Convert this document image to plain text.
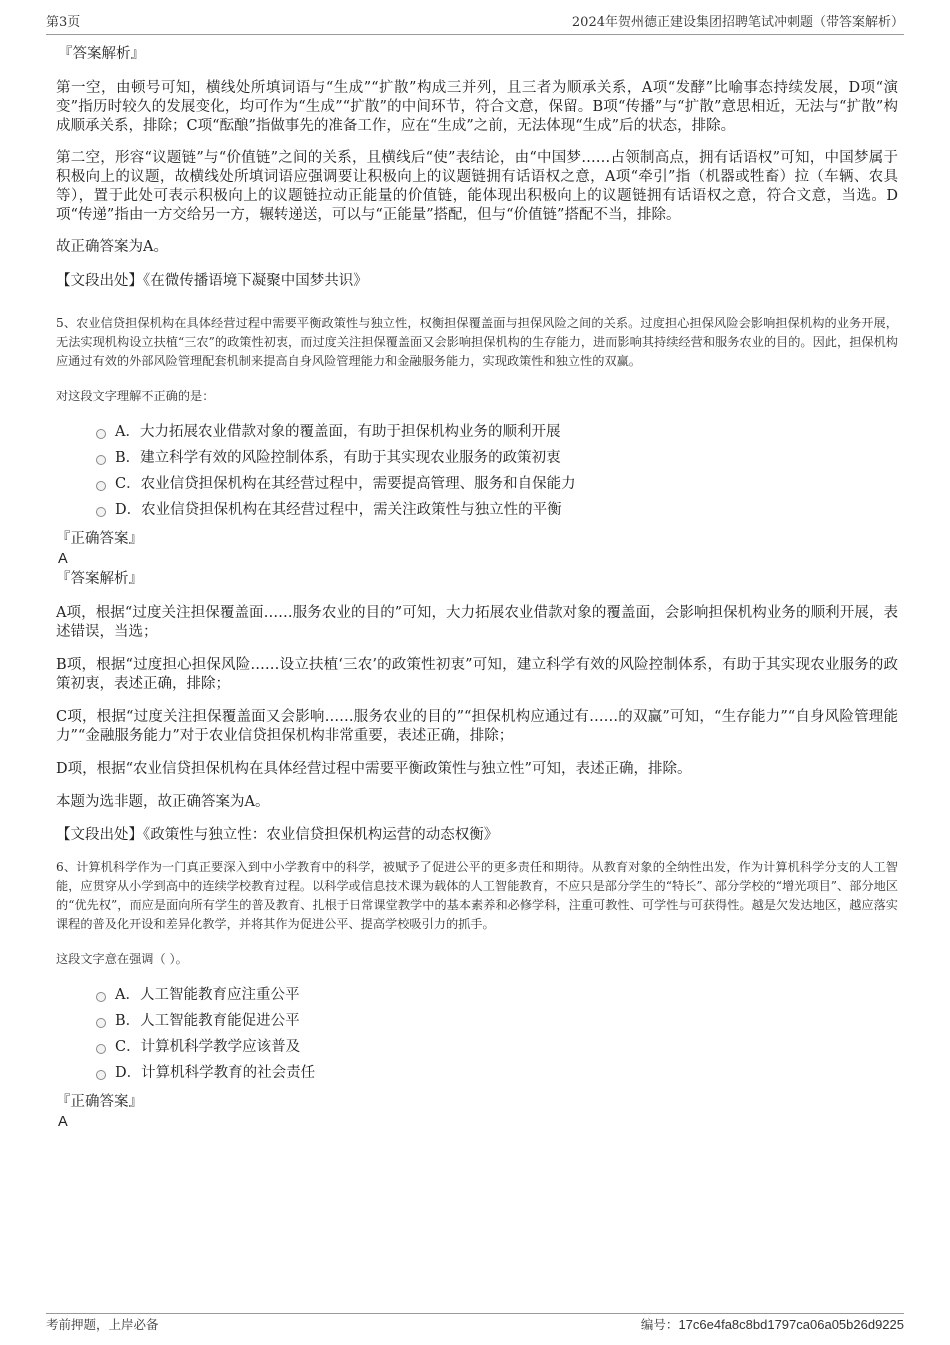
第3页	2024年贺州德正建设集团招聘笔试冲刺题（带答案解析）
『答案解析』
第一空，由顿号可知，横线处所填词语与“生成”“扩散”构成三并列，且三者为顺承关系，A项“发酵”比喻事态持续发展，D项“演变”指历时较久的发展变化，均可作为“生成”“扩散”的中间环节，符合文意，保留。B项“传播”与“扩散”意思相近，无法与“扩散”构成顺承关系，排除；C项“酝酿”指做事先的准备工作，应在“生成”之前，无法体现“生成”后的状态，排除。
第二空，形容“议题链”与“价值链”之间的关系，且横线后“使”表结论，由“中国梦……占领制高点，拥有话语权”可知，中国梦属于积极向上的议题，故横线处所填词语应强调要让积极向上的议题链拥有话语权之意，A项“牵引”指（机器或牲畜）拉（车辆、农具等），置于此处可表示积极向上的议题链拉动正能量的价值链，能体现出积极向上的议题链拥有话语权之意，符合文意，当选。D项“传递”指由一方交给另一方，辗转递送，可以与“正能量”搭配，但与“价值链”搭配不当，排除。
故正确答案为A。
【文段出处】《在微传播语境下凝聚中国梦共识》
5、农业信贷担保机构在具体经营过程中需要平衡政策性与独立性，权衡担保覆盖面与担保风险之间的关系。过度担心担保风险会影响担保机构的业务开展，无法实现机构设立扶植“三农”的政策性初衷，而过度关注担保覆盖面又会影响担保机构的生存能力，进而影响其持续经营和服务农业的目的。因此，担保机构应通过有效的外部风险管理配套机制来提高自身风险管理能力和金融服务能力，实现政策性和独立性的双赢。
对这段文字理解不正确的是：
A．大力拓展农业借款对象的覆盖面，有助于担保机构业务的顺利开展
B．建立科学有效的风险控制体系，有助于其实现农业服务的政策初衷
C．农业信贷担保机构在其经营过程中，需要提高管理、服务和自保能力
D．农业信贷担保机构在其经营过程中，需关注政策性与独立性的平衡
『正确答案』
A
『答案解析』
A项，根据“过度关注担保覆盖面……服务农业的目的”可知，大力拓展农业借款对象的覆盖面，会影响担保机构业务的顺利开展，表述错误，当选；
B项，根据“过度担心担保风险……设立扶植‘三农’的政策性初衷”可知，建立科学有效的风险控制体系，有助于其实现农业服务的政策初衷，表述正确，排除；
C项，根据“过度关注担保覆盖面又会影响……服务农业的目的”“担保机构应通过有……的双赢”可知，“生存能力”“自身风险管理能力”“金融服务能力”对于农业信贷担保机构非常重要，表述正确，排除；
D项，根据“农业信贷担保机构在具体经营过程中需要平衡政策性与独立性”可知，表述正确，排除。
本题为选非题，故正确答案为A。
【文段出处】《政策性与独立性：农业信贷担保机构运营的动态权衡》
6、计算机科学作为一门真正要深入到中小学教育中的科学，被赋予了促进公平的更多责任和期待。从教育对象的全纳性出发，作为计算机科学分支的人工智能，应贯穿从小学到高中的连续学校教育过程。以科学或信息技术课为载体的人工智能教育，不应只是部分学生的“特长”、部分学校的“增光项目”、部分地区的“优先权”，而应是面向所有学生的普及教育、扎根于日常课堂教学中的基本素养和必修学科，注重可教性、可学性与可获得性。越是欠发达地区，越应落实课程的普及化开设和差异化教学，并将其作为促进公平、提高学校吸引力的抓手。
这段文字意在强调（ ）。
A．人工智能教育应注重公平
B．人工智能教育能促进公平
C．计算机科学教学应该普及
D．计算机科学教育的社会责任
『正确答案』
A
考前押题，上岸必备	编号：17c6e4fa8c8bd1797ca06a05b26d9225
